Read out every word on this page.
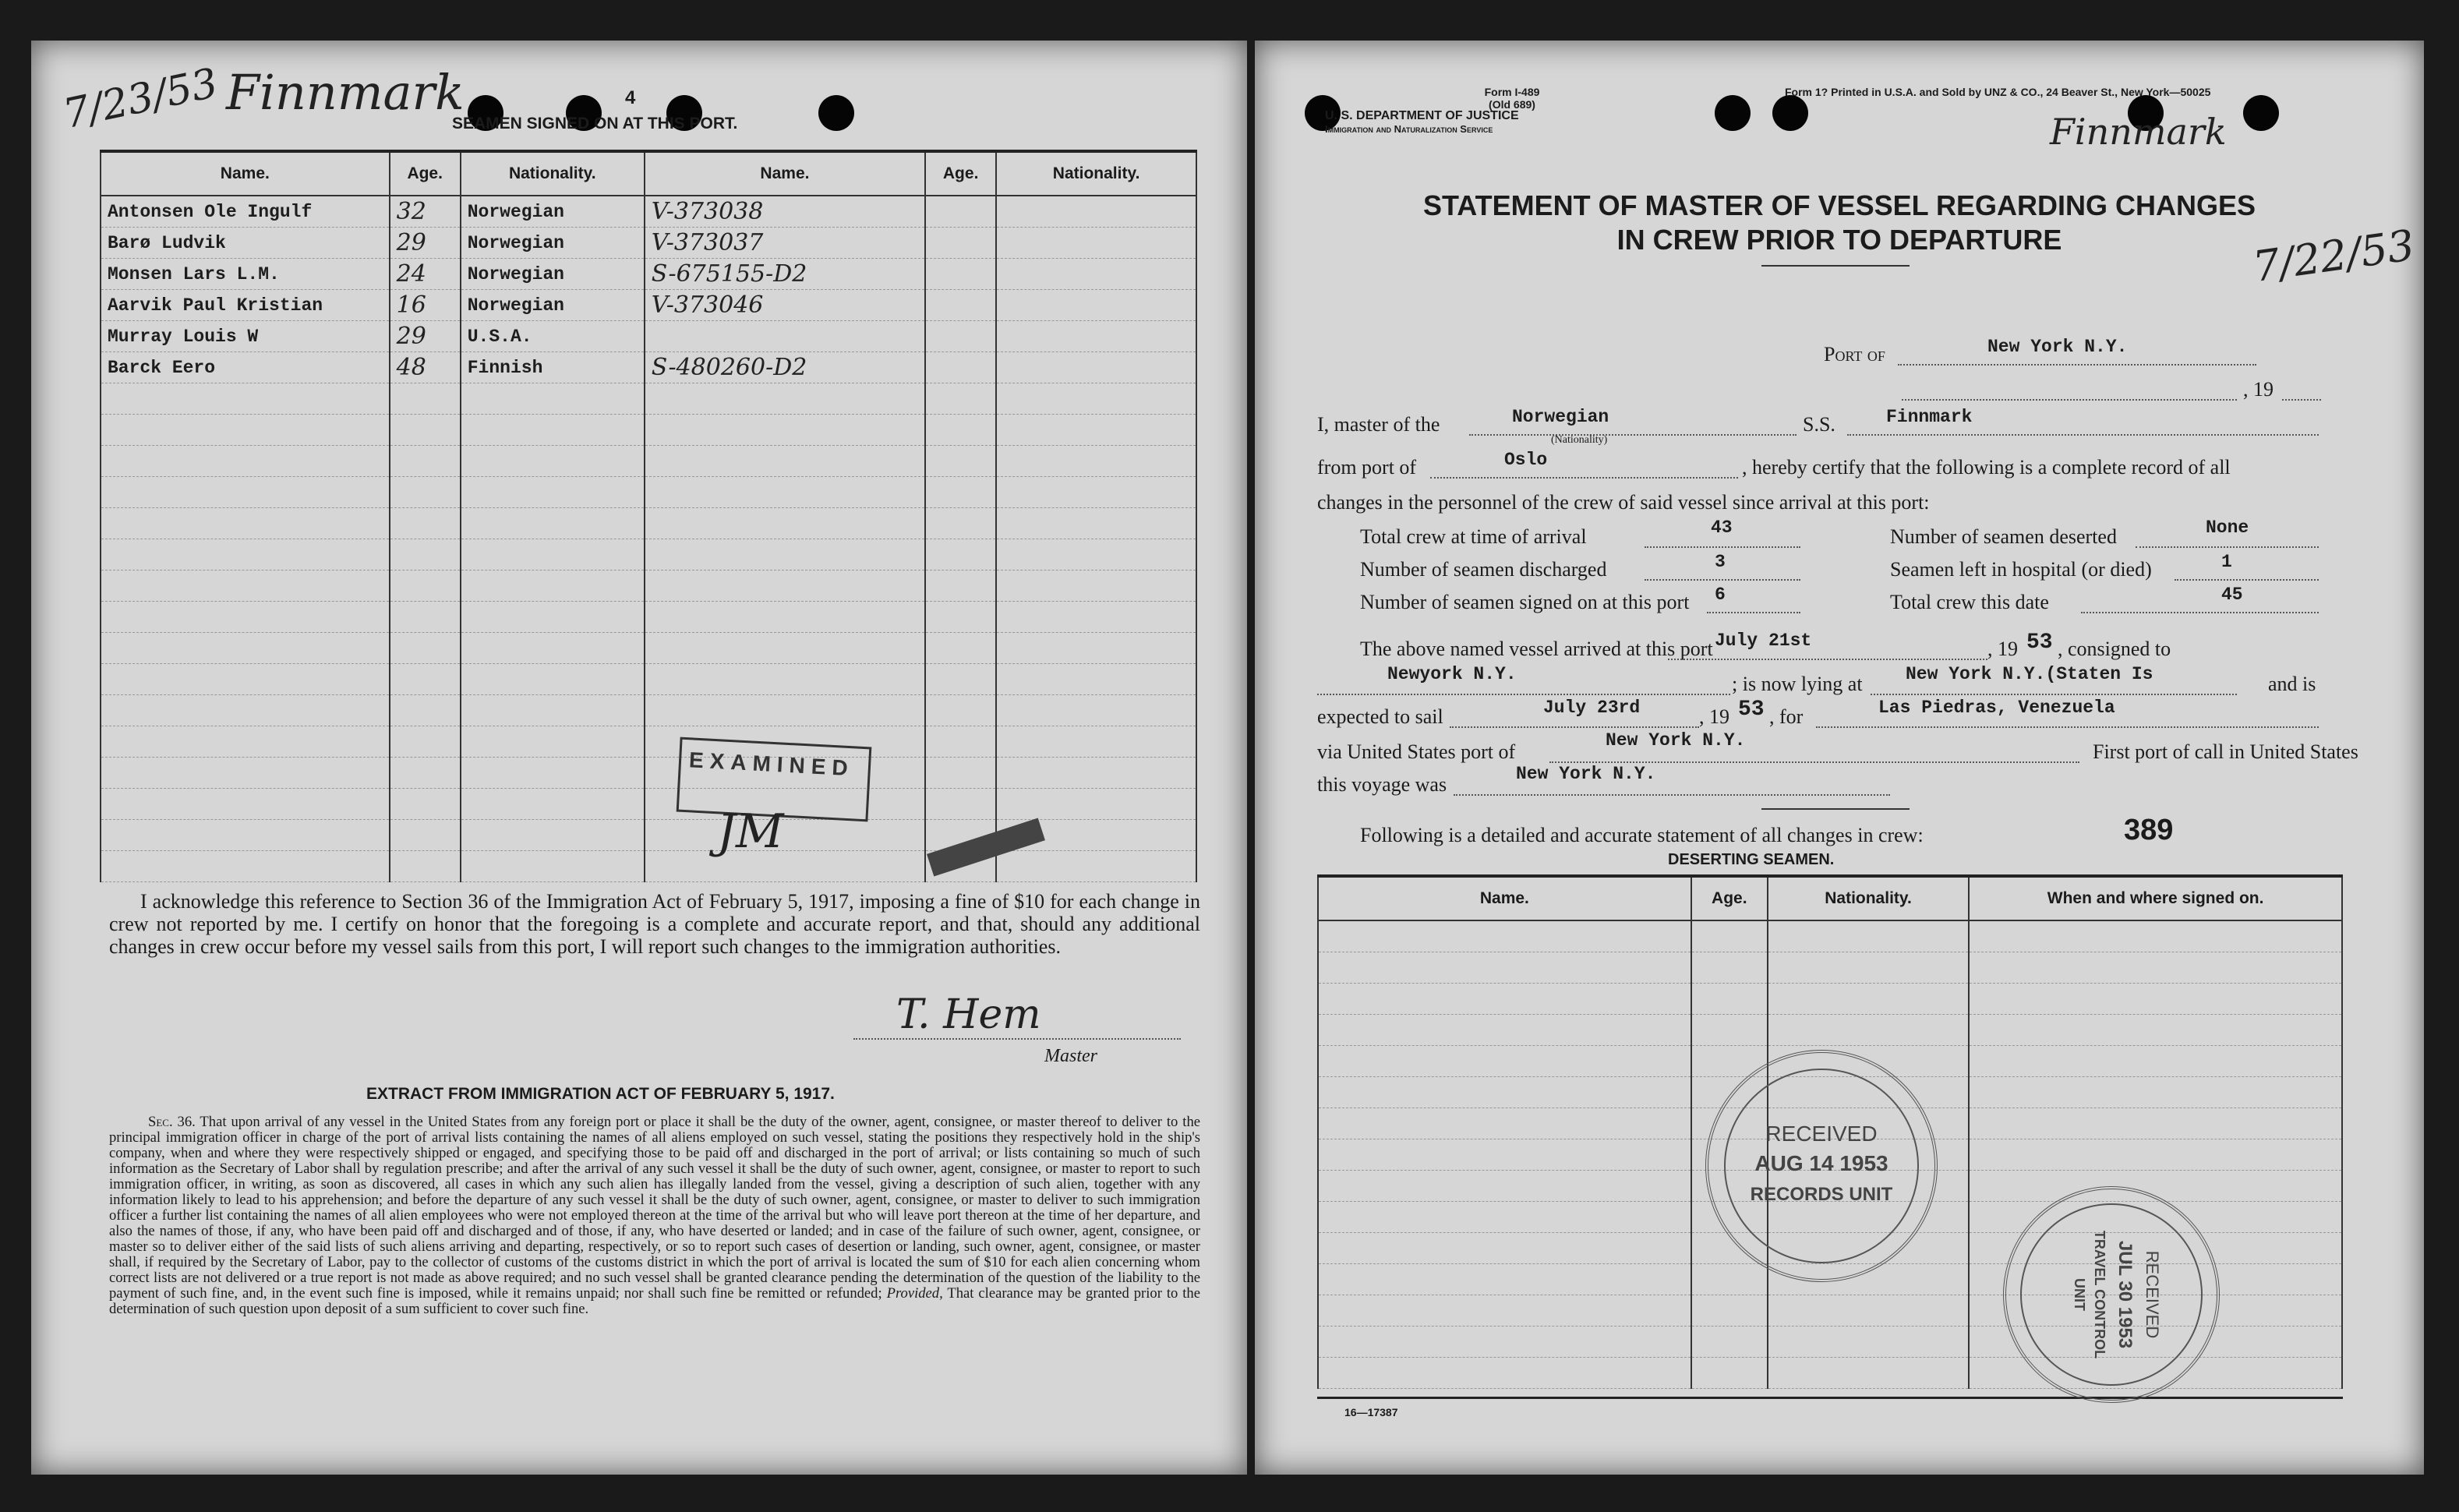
7/23/53 Finnmark	4
SEAMEN SIGNED ON AT THIS PORT.
Name.	Age.	Nationality.	Name.	Age.	Nationality.
Antonsen Ole Ingulf	32	Norwegian	V-373038		
Barø Ludvik	29	Norwegian	V-373037		
Monsen Lars L.M.	24	Norwegian	S-675155-D2		
Aarvik Paul Kristian	16	Norwegian	V-373046		
Murray Louis W	29	U.S.A.			
Barck Eero	48	Finnish	S-480260-D2		

EXAMINED
JM
I acknowledge this reference to Section 36 of the Immigration Act of February 5, 1917, imposing a fine of $10 for each change in crew not reported by me. I certify on honor that the foregoing is a complete and accurate report, and that, should any additional changes in crew occur before my vessel sails from this port, I will report such changes to the immigration authorities.
T. Hem
Master
EXTRACT FROM IMMIGRATION ACT OF FEBRUARY 5, 1917.
Sec. 36. That upon arrival of any vessel in the United States from any foreign port or place it shall be the duty of the owner, agent, consignee, or master thereof to deliver to the principal immigration officer in charge of the port of arrival lists containing the names of all aliens employed on such vessel, stating the positions they respectively hold in the ship's company, when and where they were respectively shipped or engaged, and specifying those to be paid off and discharged in the port of arrival; or lists containing so much of such information as the Secretary of Labor shall by regulation prescribe; and after the arrival of any such vessel it shall be the duty of such owner, agent, consignee, or master to report to such immigration officer, in writing, as soon as discovered, all cases in which any such alien has illegally landed from the vessel, giving a description of such alien, together with any information likely to lead to his apprehension; and before the departure of any such vessel it shall be the duty of such owner, agent, consignee, or master to deliver to such immigration officer a further list containing the names of all alien employees who were not employed thereon at the time of the arrival but who will leave port thereon at the time of her departure, and also the names of those, if any, who have been paid off and discharged and of those, if any, who have deserted or landed; and in case of the failure of such owner, agent, consignee, or master so to deliver either of the said lists of such aliens arriving and departing, respectively, or so to report such cases of desertion or landing, such owner, agent, consignee, or master shall, if required by the Secretary of Labor, pay to the collector of customs of the customs district in which the port of arrival is located the sum of $10 for each alien concerning whom correct lists are not delivered or a true report is not made as above required; and no such vessel shall be granted clearance pending the determination of the question of the liability to the payment of such fine, and, in the event such fine is imposed, while it remains unpaid; nor shall such fine be remitted or refunded; Provided, That clearance may be granted prior to the determination of such question upon deposit of a sum sufficient to cover such fine.
Form I-489
(Old 689)
U. S. DEPARTMENT OF JUSTICE
Immigration and Naturalization Service
Form 1? Printed in U.S.A. and Sold by UNZ & CO., 24 Beaver St., New York—50025
Finnmark
7/22/53
STATEMENT OF MASTER OF VESSEL REGARDING CHANGES
IN CREW PRIOR TO DEPARTURE
Port of	New York N.Y.
, 19
I, master of the	Norwegian
(Nationality)
S.S.	Finnmark
from port of	Oslo	, hereby certify that the following is a complete record of all
changes in the personnel of the crew of said vessel since arrival at this port:
Total crew at time of arrival	43	Number of seamen deserted	None
Number of seamen discharged	3	Seamen left in hospital (or died)	1
Number of seamen signed on at this port 6	Total crew this date	45
The above named vessel arrived at this port July 21st	, 19 53 , consigned to
Newyork N.Y.	; is now lying at New York N.Y.(Staten Is	and is
expected to sail	July 23rd	, 19 53 , for	Las Piedras, Venezuela
via United States port of	New York N.Y.	First port of call in United States
this voyage was	New York N.Y.
Following is a detailed and accurate statement of all changes in crew:	389
DESERTING SEAMEN.
Name.	Age.	Nationality.	When and where signed on.

16—17387
RECEIVED
AUG 14 1953
RECORDS UNIT
RECEIVED
JUL 30 1953
TRAVEL CONTROL
UNIT
